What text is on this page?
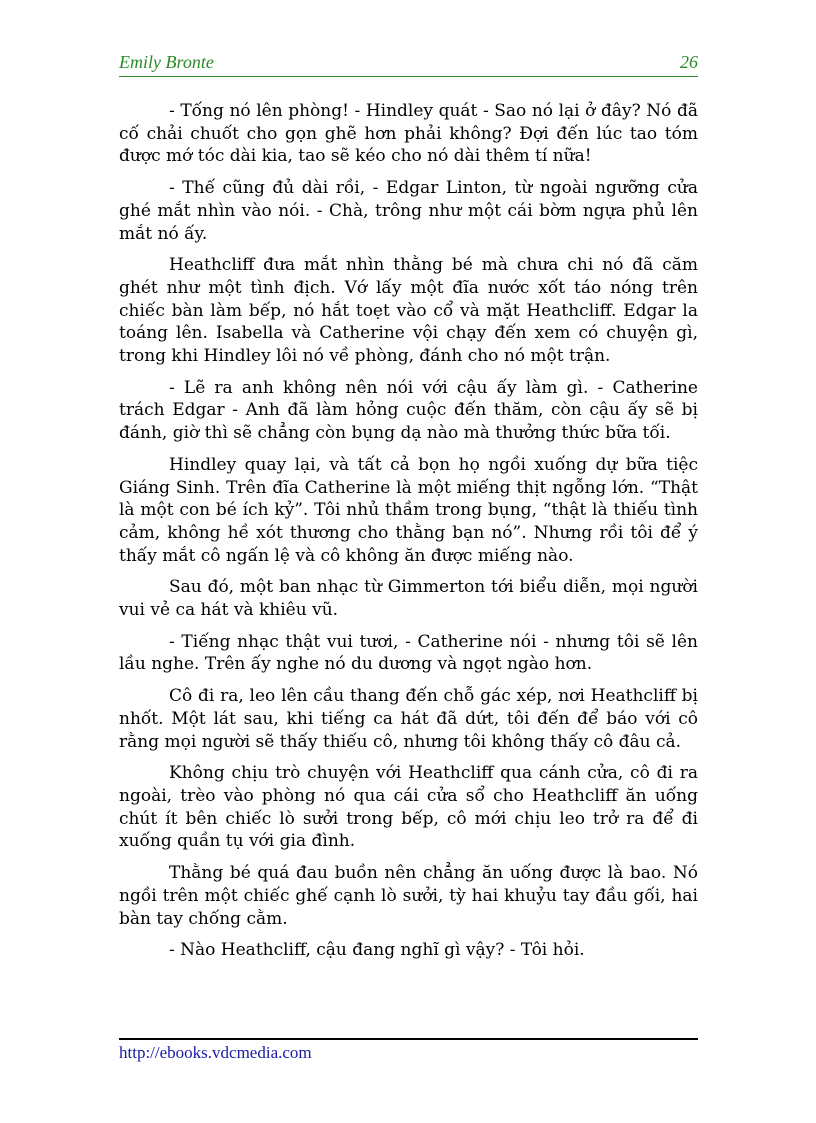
Emily Bronte	26

- Tống nó lên phòng! - Hindley quát - Sao nó lại ở đây? Nó đã cố chải chuốt cho gọn ghẽ hơn phải không? Đợi đến lúc tao tóm được mớ tóc dài kia, tao sẽ kéo cho nó dài thêm tí nữa!

- Thế cũng đủ dài rồi, - Edgar Linton, từ ngoài ngưỡng cửa ghé mắt nhìn vào nói. - Chà, trông như một cái bờm ngựa phủ lên mắt nó ấy.

Heathcliff đưa mắt nhìn thằng bé mà chưa chi nó đã căm ghét như một tình địch. Vớ lấy một đĩa nước xốt táo nóng trên chiếc bàn làm bếp, nó hắt toẹt vào cổ và mặt Heathcliff. Edgar la toáng lên. Isabella và Catherine vội chạy đến xem có chuyện gì, trong khi Hindley lôi nó về phòng, đánh cho nó một trận.

- Lẽ ra anh không nên nói với cậu ấy làm gì. - Catherine trách Edgar - Anh đã làm hỏng cuộc đến thăm, còn cậu ấy sẽ bị đánh, giờ thì sẽ chẳng còn bụng dạ nào mà thưởng thức bữa tối.

Hindley quay lại, và tất cả bọn họ ngồi xuống dự bữa tiệc Giáng Sinh. Trên đĩa Catherine là một miếng thịt ngỗng lớn. “Thật là một con bé ích kỷ”. Tôi nhủ thầm trong bụng, “thật là thiếu tình cảm, không hề xót thương cho thằng bạn nó”. Nhưng rồi tôi để ý thấy mắt cô ngấn lệ và cô không ăn được miếng nào.

Sau đó, một ban nhạc từ Gimmerton tới biểu diễn, mọi người vui vẻ ca hát và khiêu vũ.

- Tiếng nhạc thật vui tươi, - Catherine nói - nhưng tôi sẽ lên lầu nghe. Trên ấy nghe nó du dương và ngọt ngào hơn.

Cô đi ra, leo lên cầu thang đến chỗ gác xép, nơi Heathcliff bị nhốt. Một lát sau, khi tiếng ca hát đã dứt, tôi đến để báo với cô rằng mọi người sẽ thấy thiếu cô, nhưng tôi không thấy cô đâu cả.

Không chịu trò chuyện với Heathcliff qua cánh cửa, cô đi ra ngoài, trèo vào phòng nó qua cái cửa sổ cho Heathcliff ăn uống chút ít bên chiếc lò sưởi trong bếp, cô mới chịu leo trở ra để đi xuống quần tụ với gia đình.

Thằng bé quá đau buồn nên chẳng ăn uống được là bao. Nó ngồi trên một chiếc ghế cạnh lò sưởi, tỳ hai khuỷu tay đầu gối, hai bàn tay chống cằm.

- Nào Heathcliff, cậu đang nghĩ gì vậy? - Tôi hỏi.

http://ebooks.vdcmedia.com
